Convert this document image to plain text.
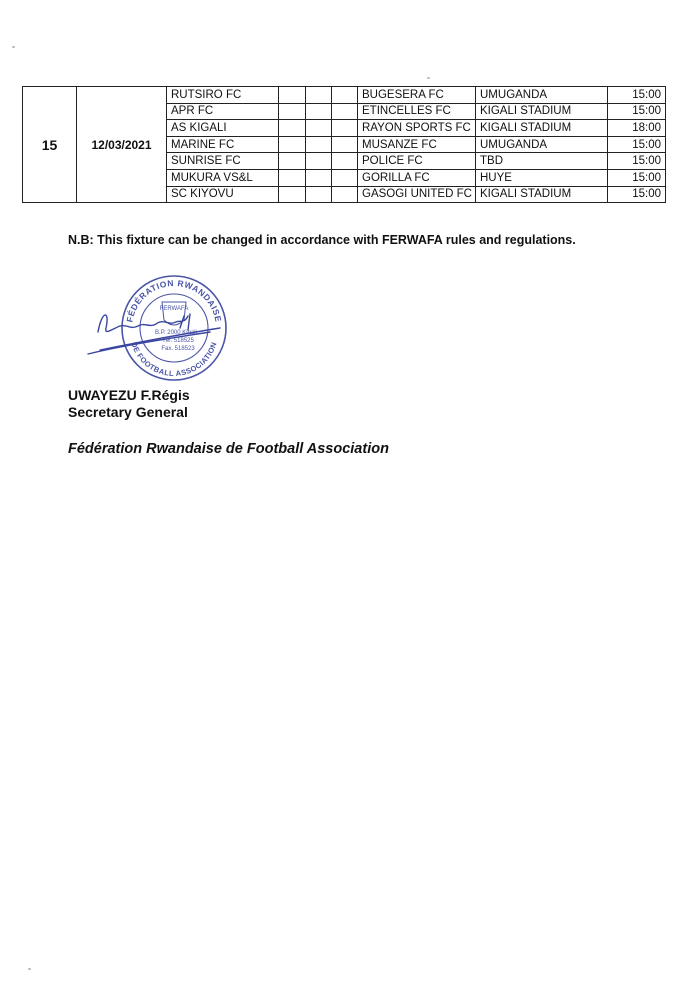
15	12/03/2021	RUTSIRO FC				BUGESERA FC	UMUGANDA	15:00
		APR FC				ETINCELLES FC	KIGALI STADIUM	15:00
		AS KIGALI				RAYON SPORTS FC	KIGALI STADIUM	18:00
		MARINE FC				MUSANZE FC	UMUGANDA	15:00
		SUNRISE FC				POLICE FC	TBD	15:00
		MUKURA VS&L				GORILLA FC	HUYE	15:00
		SC KIYOVU				GASOGI UNITED FC	KIGALI STADIUM	15:00
N.B: This fixture can be changed in accordance with FERWAFA rules and regulations.
FÉDÉRATION RWANDAISE
DE FOOTBALL ASSOCIATION
FERWAFA
B.P. 2000 Kigali
Tél. 518525
Fax. 518523
UWAYEZU F.Régis
Secretary General
Fédération Rwandaise de Football Association
